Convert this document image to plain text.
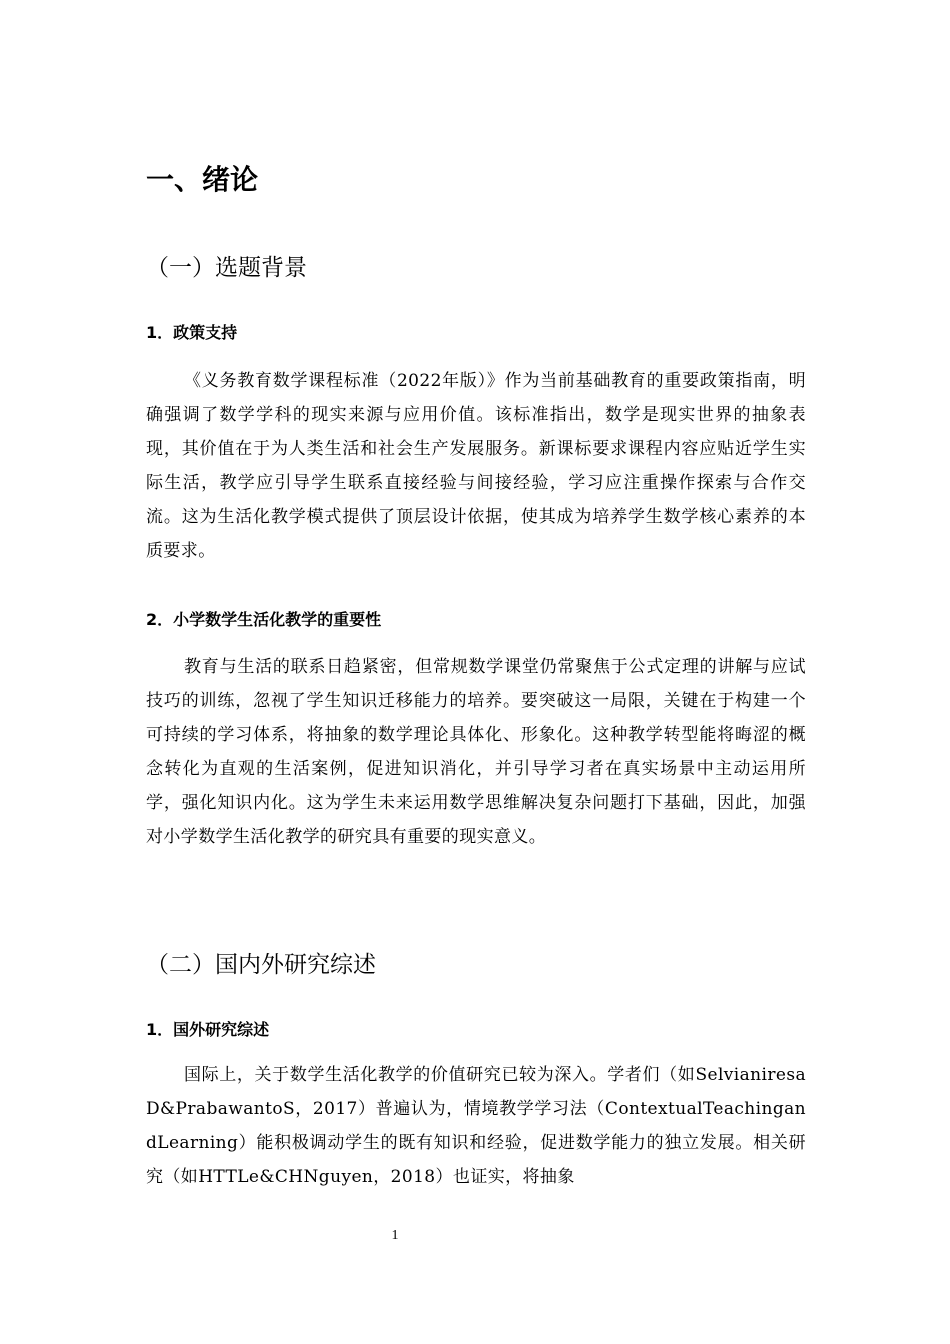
一、绪论
（一）选题背景
1．政策支持
《义务教育数学课程标准（2022年版）》作为当前基础教育的重要政策指南，明确强调了数学学科的现实来源与应用价值。该标准指出，数学是现实世界的抽象表现，其价值在于为人类生活和社会生产发展服务。新课标要求课程内容应贴近学生实际生活，教学应引导学生联系直接经验与间接经验，学习应注重操作探索与合作交流。这为生活化教学模式提供了顶层设计依据，使其成为培养学生数学核心素养的本质要求。
2．小学数学生活化教学的重要性
教育与生活的联系日趋紧密，但常规数学课堂仍常聚焦于公式定理的讲解与应试技巧的训练，忽视了学生知识迁移能力的培养。要突破这一局限，关键在于构建一个可持续的学习体系，将抽象的数学理论具体化、形象化。这种教学转型能将晦涩的概念转化为直观的生活案例，促进知识消化，并引导学习者在真实场景中主动运用所学，强化知识内化。这为学生未来运用数学思维解决复杂问题打下基础，因此，加强对小学数学生活化教学的研究具有重要的现实意义。
（二）国内外研究综述
1．国外研究综述
国际上，关于数学生活化教学的价值研究已较为深入。学者们（如SelvianiresaD&PrabawantoS，2017）普遍认为，情境教学学习法（ContextualTeachingandLearning）能积极调动学生的既有知识和经验，促进数学能力的独立发展。相关研究（如HTTLe&CHNguyen，2018）也证实，将抽象
1
